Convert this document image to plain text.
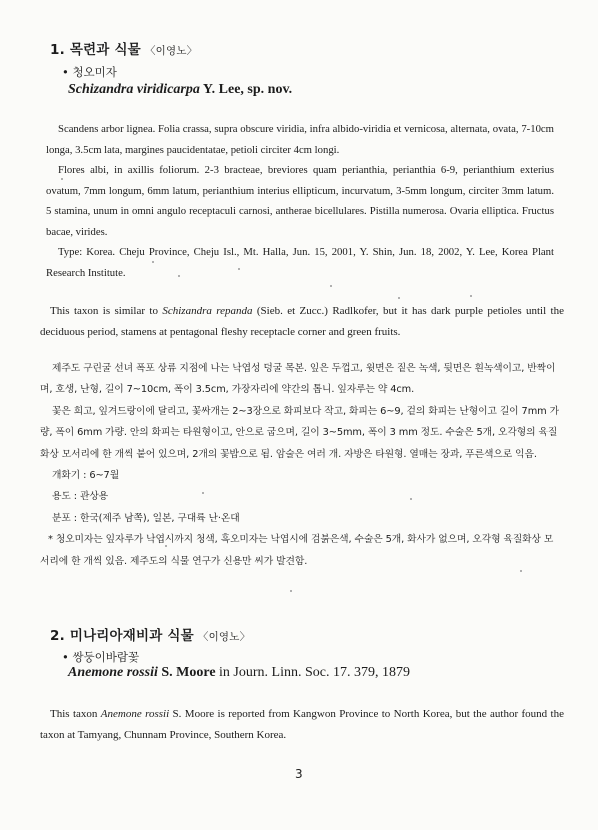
1. 목련과 식물 〈이영노〉
• 청오미자
Schizandra viridicarpa Y. Lee, sp. nov.

Scandens arbor lignea. Folia crassa, supra obscure viridia, infra albido-viridia et vernicosa, alternata, ovata, 7-10cm longa, 3.5cm lata, margines paucidentatae, petioli circiter 4cm longi.

Flores albi, in axillis foliorum. 2-3 bracteae, breviores quam perianthia, perianthia 6-9, perianthium exterius ovatum, 7mm longum, 6mm latum, perianthium interius ellipticum, incurvatum, 3-5mm longum, circiter 3mm latum. 5 stamina, unum in omni angulo receptaculi carnosi, antherae bicellulares. Pistilla numerosa. Ovaria elliptica. Fructus bacae, virides.

Type: Korea. Cheju Province, Cheju Isl., Mt. Halla, Jun. 15, 2001, Y. Shin, Jun. 18, 2002, Y. Lee, Korea Plant Research Institute.

This taxon is similar to Schizandra repanda (Sieb. et Zucc.) Radlkofer, but it has dark purple petioles until the deciduous period, stamens at pentagonal fleshy receptacle corner and green fruits.

제주도 구린굴 선녀 폭포 상류 지점에 나는 낙엽성 덩굴 목본. 잎은 두껍고, 윗면은 짙은 녹색, 뒷면은 흰녹색이고, 반짝이며, 호생, 난형, 길이 7~10cm, 폭이 3.5cm, 가장자리에 약간의 톱니. 잎자루는 약 4cm.

꽃은 희고, 잎겨드랑이에 달리고, 꽃싸개는 2~3장으로 화피보다 작고, 화피는 6~9, 겉의 화피는 난형이고 길이 7mm 가량, 폭이 6mm 가량. 안의 화피는 타원형이고, 안으로 굽으며, 길이 3~5mm, 폭이 3 mm 정도. 수술은 5개, 오각형의 육질화상 모서리에 한 개씩 붙어 있으며, 2개의 꽃밥으로 됨. 암술은 여러 개. 자방은 타원형. 열매는 장과, 푸른색으로 익음.

개화기 : 6~7월

용도 : 관상용

분포 : 한국(제주 남쪽), 일본, 구대륙 난·온대

* 청오미자는 잎자루가 낙엽시까지 청색, 흑오미자는 낙엽시에 검붉은색, 수술은 5개, 화사가 없으며, 오각형 육질화상 모서리에 한 개씩 있음. 제주도의 식물 연구가 신용만 씨가 발견함.

2. 미나리아재비과 식물 〈이영노〉
• 쌍둥이바람꽃
Anemone rossii S. Moore in Journ. Linn. Soc. 17. 379, 1879

This taxon Anemone rossii S. Moore is reported from Kangwon Province to North Korea, but the author found the taxon at Tamyang, Chunnam Province, Southern Korea.

3
